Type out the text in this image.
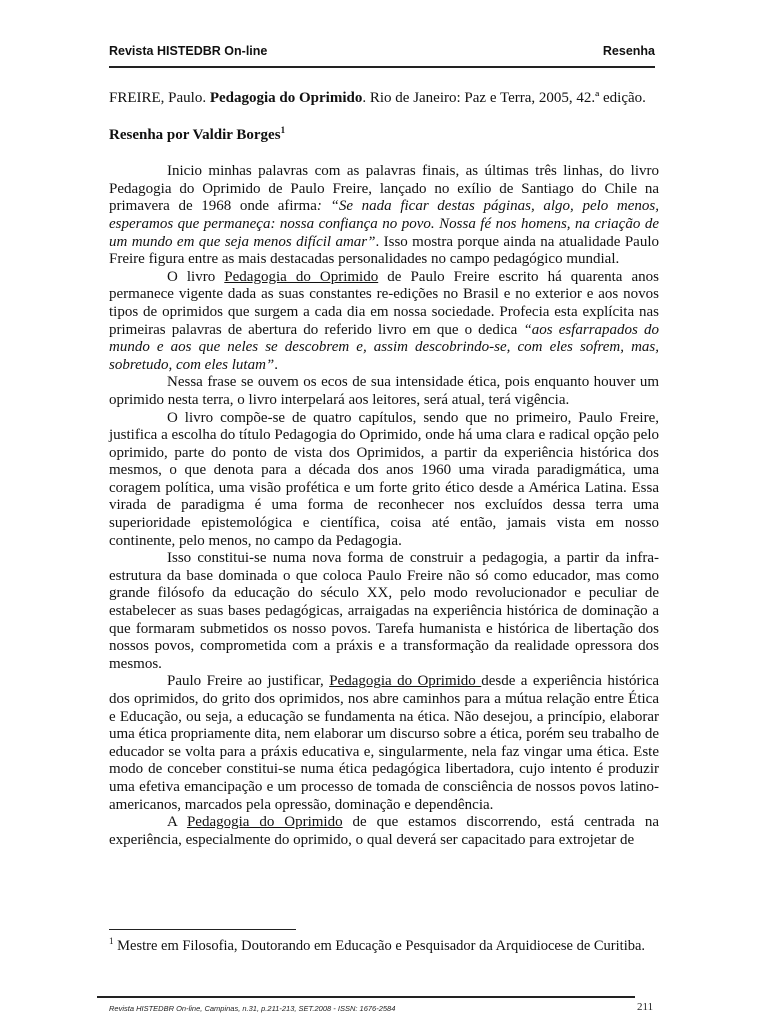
Revista HISTEDBR On-line	Resenha

FREIRE, Paulo. Pedagogia do Oprimido. Rio de Janeiro: Paz e Terra, 2005, 42.ª edição.

Resenha por Valdir Borges$^1$

Inicio minhas palavras com as palavras finais, as últimas três linhas, do livro Pedagogia do Oprimido de Paulo Freire, lançado no exílio de Santiago do Chile na primavera de 1968 onde afirma: “Se nada ficar destas páginas, algo, pelo menos, esperamos que permaneça: nossa confiança no povo. Nossa fé nos homens, na criação de um mundo em que seja menos difícil amar”. Isso mostra porque ainda na atualidade Paulo Freire figura entre as mais destacadas personalidades no campo pedagógico mundial.

O livro Pedagogia do Oprimido de Paulo Freire escrito há quarenta anos permanece vigente dada as suas constantes re-edições no Brasil e no exterior e aos novos tipos de oprimidos que surgem a cada dia em nossa sociedade. Profecia esta explícita nas primeiras palavras de abertura do referido livro em que o dedica “aos esfarrapados do mundo e aos que neles se descobrem e, assim descobrindo-se, com eles sofrem, mas, sobretudo, com eles lutam”.

Nessa frase se ouvem os ecos de sua intensidade ética, pois enquanto houver um oprimido nesta terra, o livro interpelará aos leitores, será atual, terá vigência.

O livro compõe-se de quatro capítulos, sendo que no primeiro, Paulo Freire, justifica a escolha do título Pedagogia do Oprimido, onde há uma clara e radical opção pelo oprimido, parte do ponto de vista dos Oprimidos, a partir da experiência histórica dos mesmos, o que denota para a década dos anos 1960 uma virada paradigmática, uma coragem política, uma visão profética e um forte grito ético desde a América Latina. Essa virada de paradigma é uma forma de reconhecer nos excluídos dessa terra uma superioridade epistemológica e científica, coisa até então, jamais vista em nosso continente, pelo menos, no campo da Pedagogia.

Isso constitui-se numa nova forma de construir a pedagogia, a partir da infra-estrutura da base dominada o que coloca Paulo Freire não só como educador, mas como grande filósofo da educação do século XX, pelo modo revolucionador e peculiar de estabelecer as suas bases pedagógicas, arraigadas na experiência histórica de dominação a que formaram submetidos os nosso povos. Tarefa humanista e histórica de libertação dos nossos povos, comprometida com a práxis e a transformação da realidade opressora dos mesmos.

Paulo Freire ao justificar, Pedagogia do Oprimido desde a experiência histórica dos oprimidos, do grito dos oprimidos, nos abre caminhos para a mútua relação entre Ética e Educação, ou seja, a educação se fundamenta na ética. Não desejou, a princípio, elaborar uma ética propriamente dita, nem elaborar um discurso sobre a ética, porém seu trabalho de educador se volta para a práxis educativa e, singularmente, nela faz vingar uma ética. Este modo de conceber constitui-se numa ética pedagógica libertadora, cujo intento é produzir uma efetiva emancipação e um processo de tomada de consciência de nossos povos latino-americanos, marcados pela opressão, dominação e dependência.

A Pedagogia do Oprimido de que estamos discorrendo, está centrada na experiência, especialmente do oprimido, o qual deverá ser capacitado para extrojetar de

$^1$ Mestre em Filosofia, Doutorando em Educação e Pesquisador da Arquidiocese de Curitiba.
Revista HISTEDBR On-line, Campinas, n.31, p.211-213, SET.2008 - ISSN: 1676-2584	211
